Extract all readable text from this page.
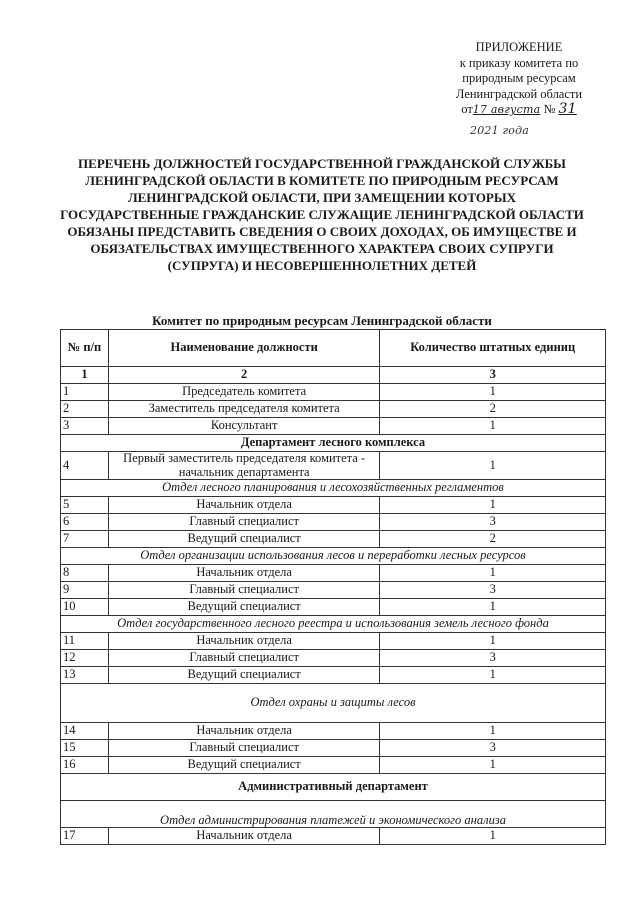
ПРИЛОЖЕНИЕ
к приказу комитета по
природным ресурсам
Ленинградской области
от17 августа № 31
2021 года
ПЕРЕЧЕНЬ ДОЛЖНОСТЕЙ ГОСУДАРСТВЕННОЙ ГРАЖДАНСКОЙ СЛУЖБЫ ЛЕНИНГРАДСКОЙ ОБЛАСТИ В КОМИТЕТЕ ПО ПРИРОДНЫМ РЕСУРСАМ ЛЕНИНГРАДСКОЙ ОБЛАСТИ, ПРИ ЗАМЕЩЕНИИ КОТОРЫХ ГОСУДАРСТВЕННЫЕ ГРАЖДАНСКИЕ СЛУЖАЩИЕ ЛЕНИНГРАДСКОЙ ОБЛАСТИ ОБЯЗАНЫ ПРЕДСТАВИТЬ СВЕДЕНИЯ О СВОИХ ДОХОДАХ, ОБ ИМУЩЕСТВЕ И ОБЯЗАТЕЛЬСТВАХ ИМУЩЕСТВЕННОГО ХАРАКТЕРА СВОИХ СУПРУГИ (СУПРУГА) И НЕСОВЕРШЕННОЛЕТНИХ ДЕТЕЙ
Комитет по природным ресурсам Ленинградской области
№ п/п	Наименование должности	Количество штатных единиц
1	2	3
1	Председатель комитета	1
2	Заместитель председателя комитета	2
3	Консультант	1
Департамент лесного комплекса		
4	Первый заместитель председателя комитета - начальник департамента	1
Отдел лесного планирования и лесохозяйственных регламентов		
5	Начальник отдела	1
6	Главный специалист	3
7	Ведущий специалист	2
Отдел организации использования лесов и переработки лесных ресурсов		
8	Начальник отдела	1
9	Главный специалист	3
10	Ведущий специалист	1
Отдел государственного лесного реестра и использования земель лесного фонда		
11	Начальник отдела	1
12	Главный специалист	3
13	Ведущий специалист	1
Отдел охраны и защиты лесов		
14	Начальник отдела	1
15	Главный специалист	3
16	Ведущий специалист	1
Административный департамент		
Отдел администрирования платежей и экономического анализа		
17	Начальник отдела	1
